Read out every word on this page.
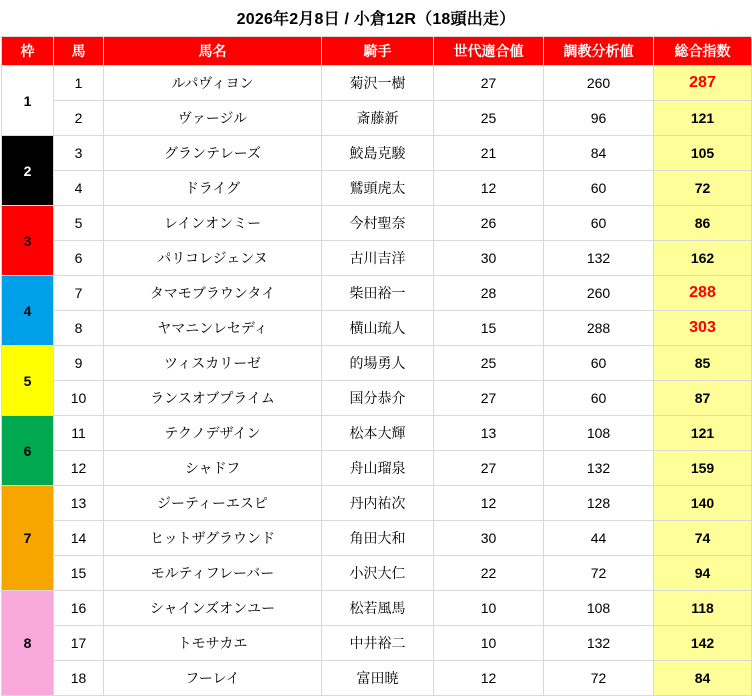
2026年2月8日 / 小倉12R（18頭出走）
枠	馬	馬名	騎手	世代適合値	調教分析値	総合指数
1	1	ルパヴィヨン	菊沢一樹	27	260	287
	2	ヴァージル	斎藤新	25	96	121
2	3	グランテレーズ	鮫島克駿	21	84	105
	4	ドライグ	鷲頭虎太	12	60	72
3	5	レインオンミー	今村聖奈	26	60	86
	6	パリコレジェンヌ	古川吉洋	30	132	162
4	7	タマモブラウンタイ	柴田裕一	28	260	288
	8	ヤマニンレセディ	横山琉人	15	288	303
5	9	ツィスカリーゼ	的場勇人	25	60	85
	10	ランスオブプライム	国分恭介	27	60	87
6	11	テクノデザイン	松本大輝	13	108	121
	12	シャドフ	舟山瑠泉	27	132	159
7	13	ジーティーエスピ	丹内祐次	12	128	140
	14	ヒットザグラウンド	角田大和	30	44	74
	15	モルティフレーバー	小沢大仁	22	72	94
8	16	シャインズオンユー	松若風馬	10	108	118
	17	トモサカエ	中井裕二	10	132	142
	18	フーレイ	富田暁	12	72	84
